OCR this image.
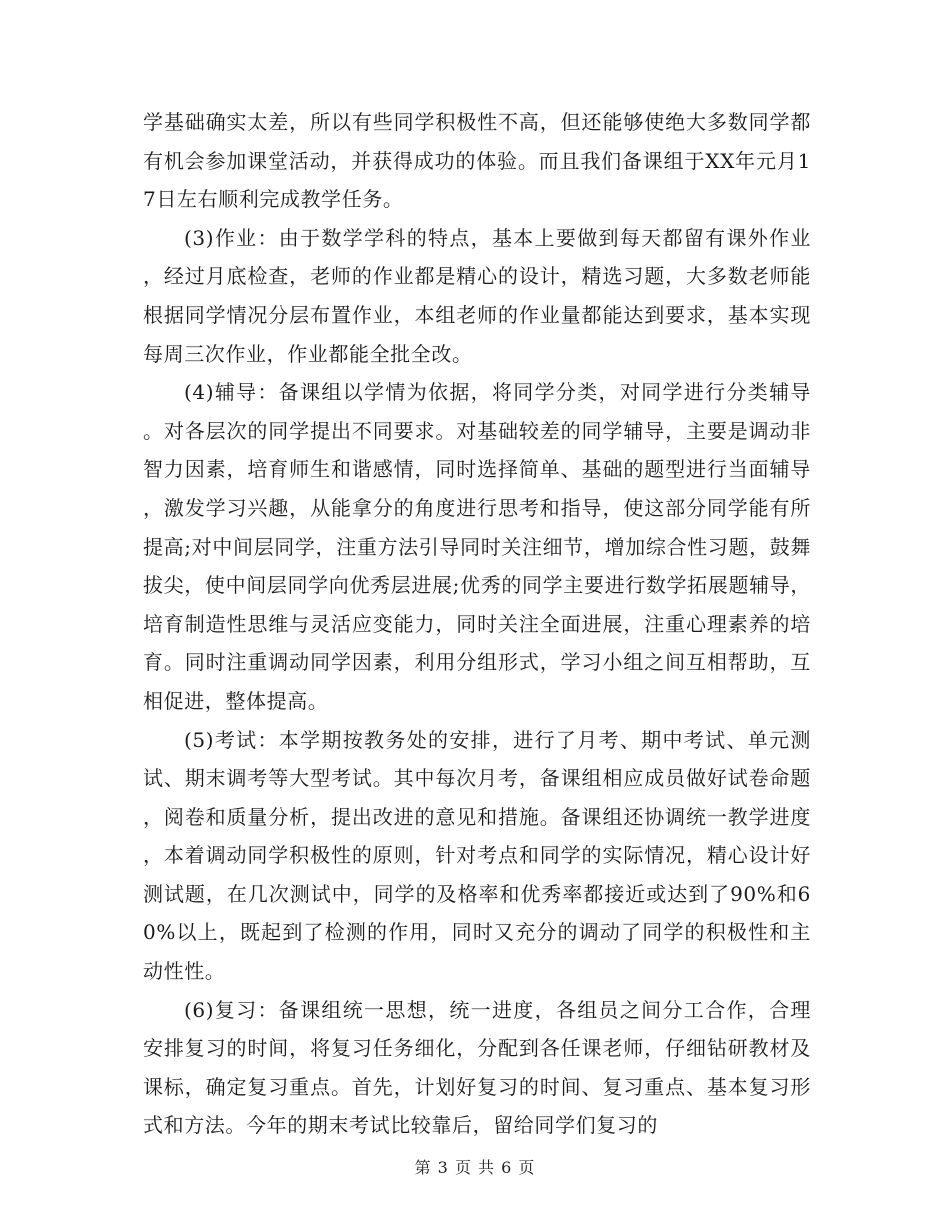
学基础确实太差，所以有些同学积极性不高，但还能够使绝大多数同学都有机会参加课堂活动，并获得成功的体验。而且我们备课组于XX年元月17日左右顺利完成教学任务。

(3)作业：由于数学学科的特点，基本上要做到每天都留有课外作业，经过月底检查，老师的作业都是精心的设计，精选习题，大多数老师能根据同学情况分层布置作业，本组老师的作业量都能达到要求，基本实现每周三次作业，作业都能全批全改。

(4)辅导：备课组以学情为依据，将同学分类，对同学进行分类辅导。对各层次的同学提出不同要求。对基础较差的同学辅导，主要是调动非智力因素，培育师生和谐感情，同时选择简单、基础的题型进行当面辅导，激发学习兴趣，从能拿分的角度进行思考和指导，使这部分同学能有所提高;对中间层同学，注重方法引导同时关注细节，增加综合性习题，鼓舞拔尖，使中间层同学向优秀层进展;优秀的同学主要进行数学拓展题辅导，培育制造性思维与灵活应变能力，同时关注全面进展，注重心理素养的培育。同时注重调动同学因素，利用分组形式，学习小组之间互相帮助，互相促进，整体提高。

(5)考试：本学期按教务处的安排，进行了月考、期中考试、单元测试、期末调考等大型考试。其中每次月考，备课组相应成员做好试卷命题，阅卷和质量分析，提出改进的意见和措施。备课组还协调统一教学进度，本着调动同学积极性的原则，针对考点和同学的实际情况，精心设计好测试题，在几次测试中，同学的及格率和优秀率都接近或达到了90%和60%以上，既起到了检测的作用，同时又充分的调动了同学的积极性和主动性性。

(6)复习：备课组统一思想，统一进度，各组员之间分工合作，合理安排复习的时间，将复习任务细化，分配到各任课老师，仔细钻研教材及课标，确定复习重点。首先，计划好复习的时间、复习重点、基本复习形式和方法。今年的期末考试比较靠后，留给同学们复习的

第 3 页 共 6 页
